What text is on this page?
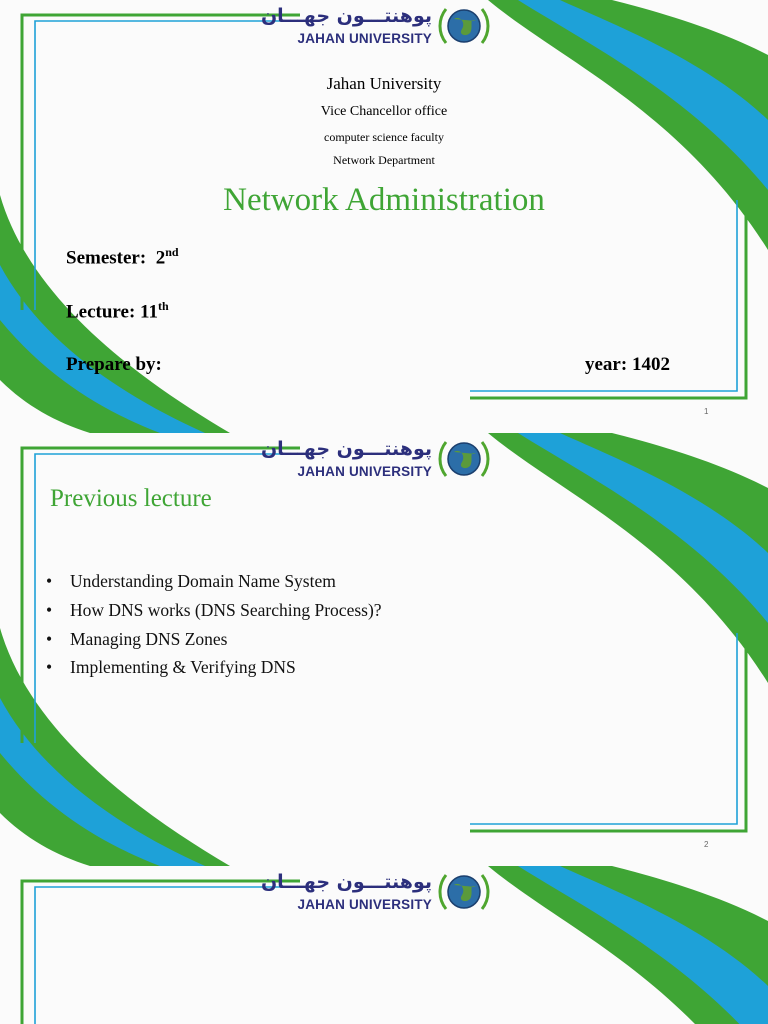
پوهنتـــون جهـــان
JAHAN UNIVERSITY
Jahan University
Vice Chancellor office
computer science faculty
Network Department
Network Administration
Semester: 2nd
Lecture: 11th
Prepare by:	year: 1402
1
پوهنتـــون جهـــان
JAHAN UNIVERSITY
Previous lecture
• Understanding Domain Name System
• How DNS works (DNS Searching Process)?
• Managing DNS Zones
• Implementing & Verifying DNS
2
پوهنتـــون جهـــان
JAHAN UNIVERSITY
